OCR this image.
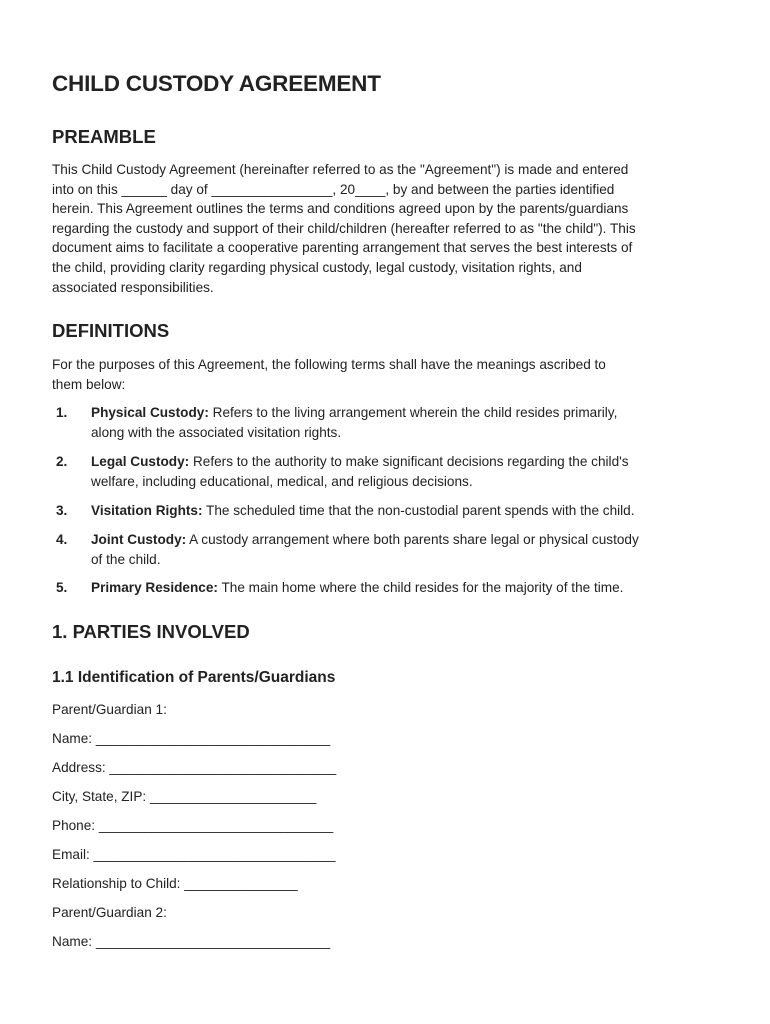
CHILD CUSTODY AGREEMENT
PREAMBLE

This Child Custody Agreement (hereinafter referred to as the "Agreement") is made and entered
into on this ______ day of ________________, 20____, by and between the parties identified
herein. This Agreement outlines the terms and conditions agreed upon by the parents/guardians
regarding the custody and support of their child/children (hereafter referred to as "the child"). This
document aims to facilitate a cooperative parenting arrangement that serves the best interests of
the child, providing clarity regarding physical custody, legal custody, visitation rights, and
associated responsibilities.

DEFINITIONS

For the purposes of this Agreement, the following terms shall have the meanings ascribed to
them below:

1. Physical Custody: Refers to the living arrangement wherein the child resides primarily,
along with the associated visitation rights.
2. Legal Custody: Refers to the authority to make significant decisions regarding the child's
welfare, including educational, medical, and religious decisions.
3. Visitation Rights: The scheduled time that the non-custodial parent spends with the child.
4. Joint Custody: A custody arrangement where both parents share legal or physical custody
of the child.
5. Primary Residence: The main home where the child resides for the majority of the time.
1. PARTIES INVOLVED
1.1 Identification of Parents/Guardians
Parent/Guardian 1:
Name: _______________________________
Address: ______________________________
City, State, ZIP: ______________________
Phone: _______________________________
Email: ________________________________
Relationship to Child: _______________
Parent/Guardian 2:
Name: _______________________________
